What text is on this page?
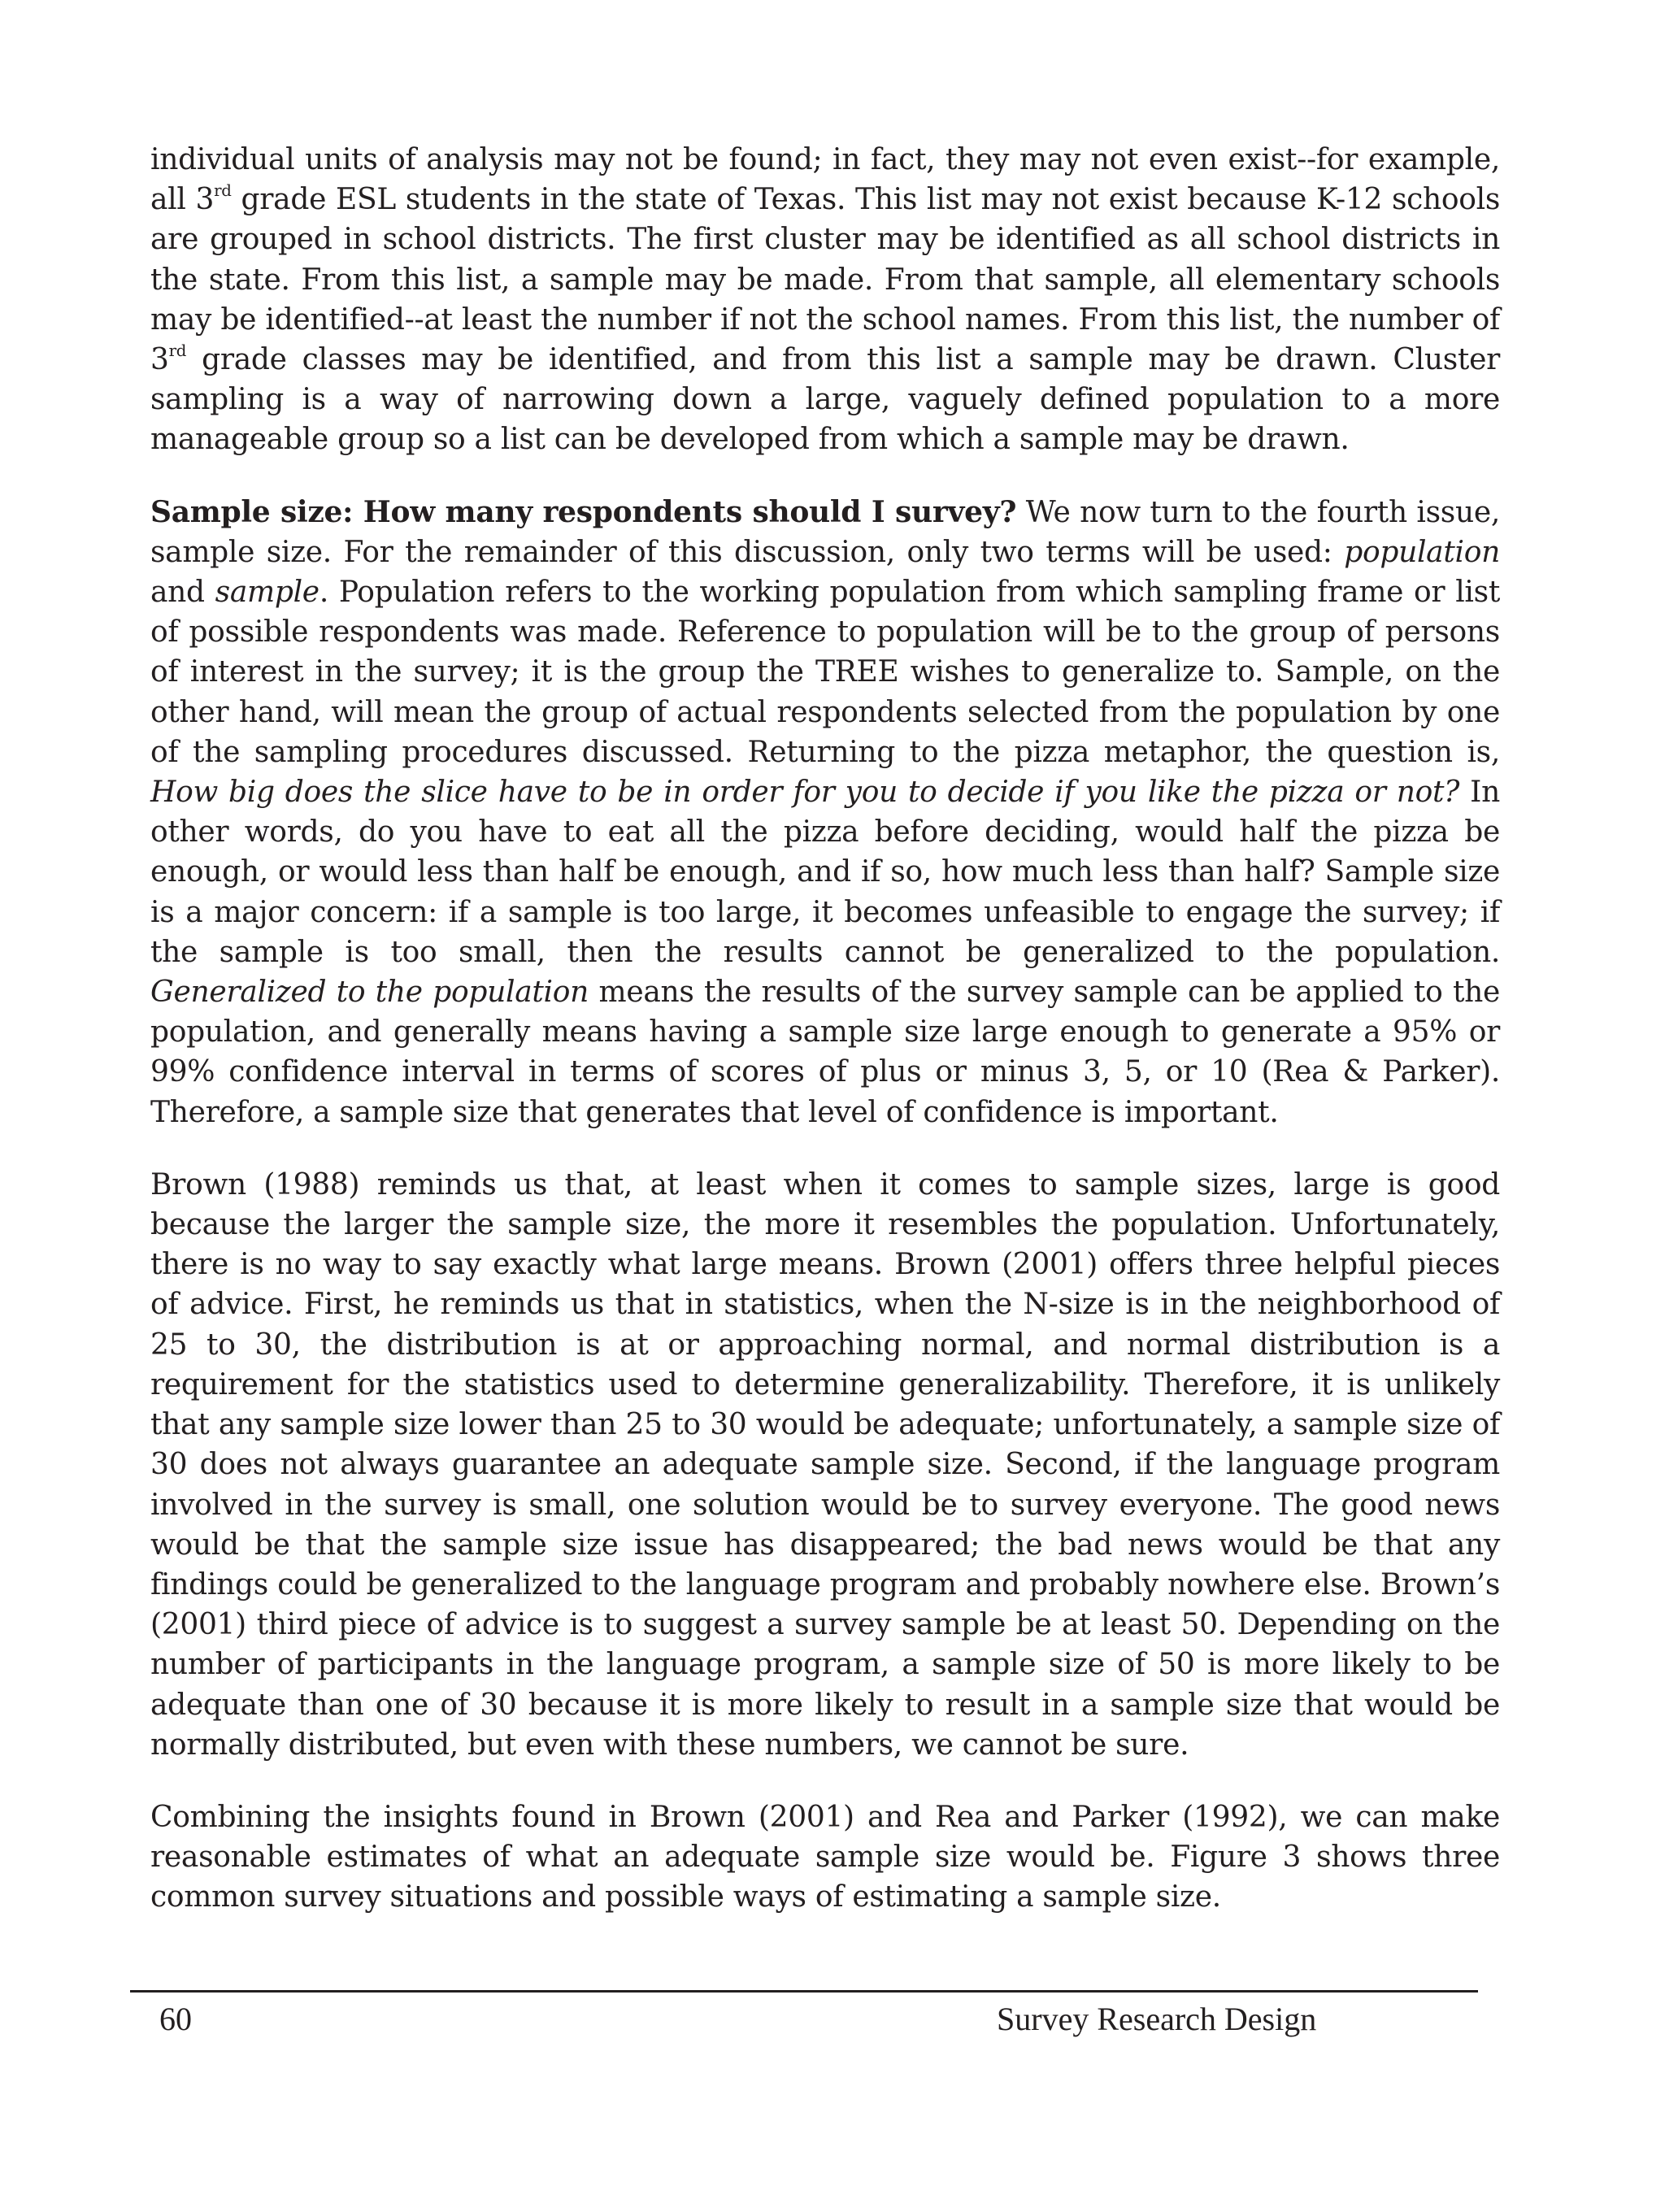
individual units of analysis may not be found; in fact, they may not even exist--for example, all 3rd grade ESL students in the state of Texas. This list may not exist because K-12 schools are grouped in school districts. The first cluster may be identified as all school districts in the state. From this list, a sample may be made. From that sample, all elementary schools may be identified--at least the number if not the school names. From this list, the number of 3rd grade classes may be identified, and from this list a sample may be drawn. Cluster sampling is a way of narrowing down a large, vaguely defined population to a more manageable group so a list can be developed from which a sample may be drawn.

Sample size: How many respondents should I survey? We now turn to the fourth issue, sample size. For the remainder of this discussion, only two terms will be used: population and sample. Population refers to the working population from which sampling frame or list of possible respondents was made. Reference to population will be to the group of persons of interest in the survey; it is the group the TREE wishes to generalize to. Sample, on the other hand, will mean the group of actual respondents selected from the population by one of the sampling procedures discussed. Returning to the pizza metaphor, the question is, How big does the slice have to be in order for you to decide if you like the pizza or not? In other words, do you have to eat all the pizza before deciding, would half the pizza be enough, or would less than half be enough, and if so, how much less than half? Sample size is a major concern: if a sample is too large, it becomes unfeasible to engage the survey; if the sample is too small, then the results cannot be generalized to the population. Generalized to the population means the results of the survey sample can be applied to the population, and generally means having a sample size large enough to generate a 95% or 99% confidence interval in terms of scores of plus or minus 3, 5, or 10 (Rea & Parker). Therefore, a sample size that generates that level of confidence is important.

Brown (1988) reminds us that, at least when it comes to sample sizes, large is good because the larger the sample size, the more it resembles the population. Unfortunately, there is no way to say exactly what large means. Brown (2001) offers three helpful pieces of advice. First, he reminds us that in statistics, when the N-size is in the neighborhood of 25 to 30, the distribution is at or approaching normal, and normal distribution is a requirement for the statistics used to determine generalizability. Therefore, it is unlikely that any sample size lower than 25 to 30 would be adequate; unfortunately, a sample size of 30 does not always guarantee an adequate sample size. Second, if the language program involved in the survey is small, one solution would be to survey everyone. The good news would be that the sample size issue has disappeared; the bad news would be that any findings could be generalized to the language program and probably nowhere else. Brown’s (2001) third piece of advice is to suggest a survey sample be at least 50. Depending on the number of participants in the language program, a sample size of 50 is more likely to be adequate than one of 30 because it is more likely to result in a sample size that would be normally distributed, but even with these numbers, we cannot be sure.

Combining the insights found in Brown (2001) and Rea and Parker (1992), we can make reasonable estimates of what an adequate sample size would be. Figure 3 shows three common survey situations and possible ways of estimating a sample size.

60	Survey Research Design
